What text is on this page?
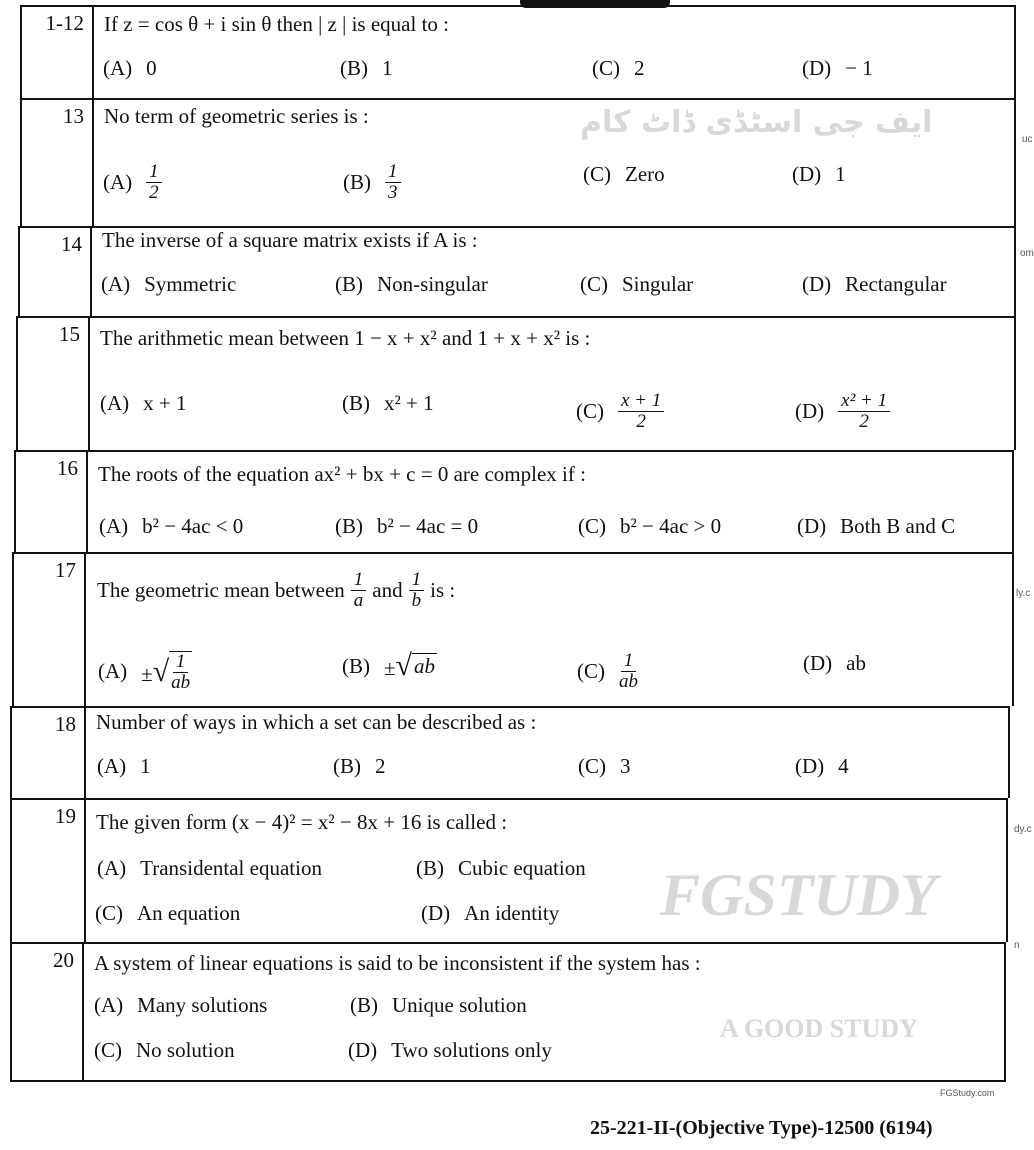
FGSTUDY
A GOOD STUDY
ایف جی اسٹڈی ڈاٹ کام	uc
om
ly.c
dy.c
n
FGStudy.com
1-12 If z = cos θ + i sin θ then | z | is equal to :
(A) 0	(B) 1	(C) 2	(D) − 1
13 No term of geometric series is :
$(A) \frac{1}{2}$	$(B) \frac{1}{3}$	(C) Zero	(D) 1
14 The inverse of a square matrix exists if A is :
(A) Symmetric	(B) Non-singular	(C) Singular	(D) Rectangular
15 The arithmetic mean between 1 − x + x² and 1 + x + x² is :
(A) x + 1	(B) x² + 1	$(C) \frac{x + 1}{2}$	$(D) \frac{\text{x² + 1}}{2}$
16 The roots of the equation ax² + bx + c = 0 are complex if :
(A) b² − 4ac < 0	(B) b² − 4ac = 0	(C) b² − 4ac > 0	(D) Both B and C
17
The geometric mean between $\frac{1}{a}$ and $\frac{1}{b}$ is :
(A) ± √ $\frac{1}{ab}$	(B) ± √ ab	$(C) \frac{1}{ab}$	(D) ab
18 Number of ways in which a set can be described as :
(A) 1	(B) 2	(C) 3	(D) 4
19 The given form (x − 4)² = x² − 8x + 16 is called :
(A) Transidental equation	(B) Cubic equation
(C) An equation	(D) An identity
20 A system of linear equations is said to be inconsistent if the system has :
(A) Many solutions	(B) Unique solution
(C) No solution	(D) Two solutions only
25-221-II-(Objective Type)-12500 (6194)
